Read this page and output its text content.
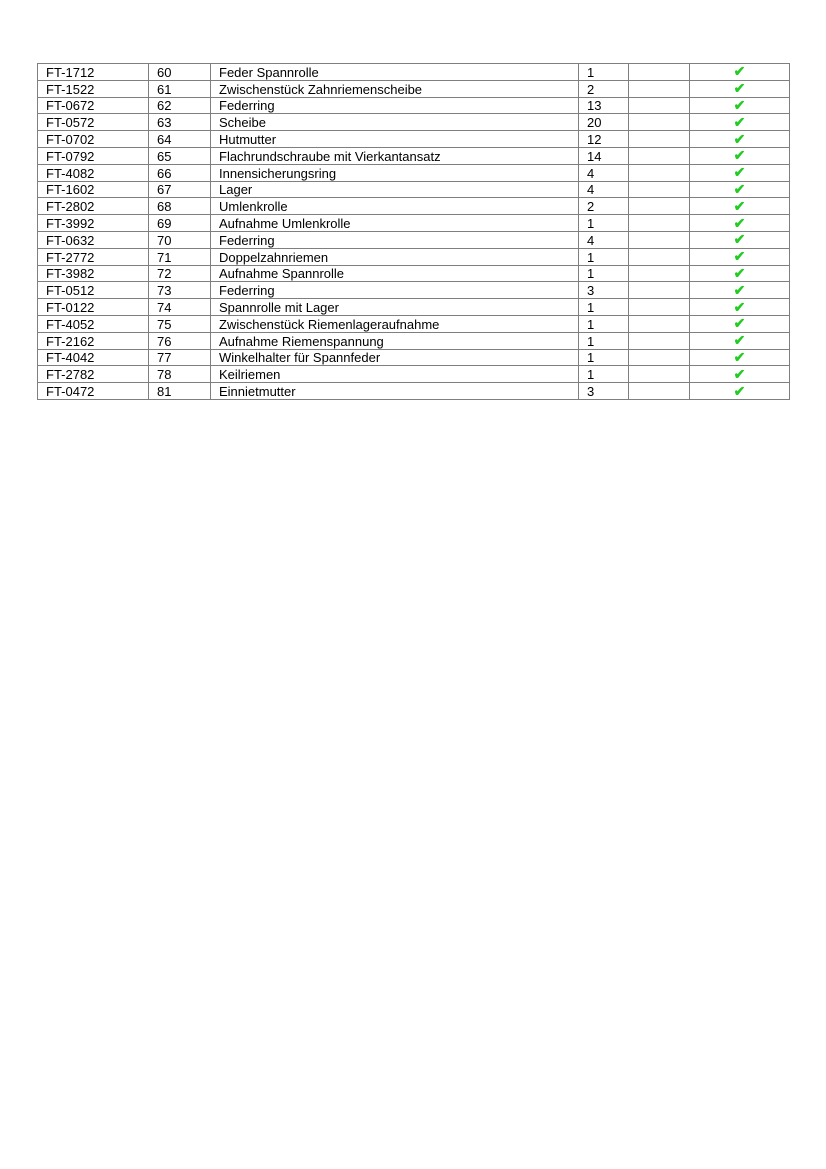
FT-1712	60	Feder Spannrolle	1		✔
FT-1522	61	Zwischenstück Zahnriemenscheibe	2		✔
FT-0672	62	Federring	13		✔
FT-0572	63	Scheibe	20		✔
FT-0702	64	Hutmutter	12		✔
FT-0792	65	Flachrundschraube mit Vierkantansatz	14		✔
FT-4082	66	Innensicherungsring	4		✔
FT-1602	67	Lager	4		✔
FT-2802	68	Umlenkrolle	2		✔
FT-3992	69	Aufnahme Umlenkrolle	1		✔
FT-0632	70	Federring	4		✔
FT-2772	71	Doppelzahnriemen	1		✔
FT-3982	72	Aufnahme Spannrolle	1		✔
FT-0512	73	Federring	3		✔
FT-0122	74	Spannrolle mit Lager	1		✔
FT-4052	75	Zwischenstück Riemenlageraufnahme	1		✔
FT-2162	76	Aufnahme Riemenspannung	1		✔
FT-4042	77	Winkelhalter für Spannfeder	1		✔
FT-2782	78	Keilriemen	1		✔
FT-0472	81	Einnietmutter	3		✔
